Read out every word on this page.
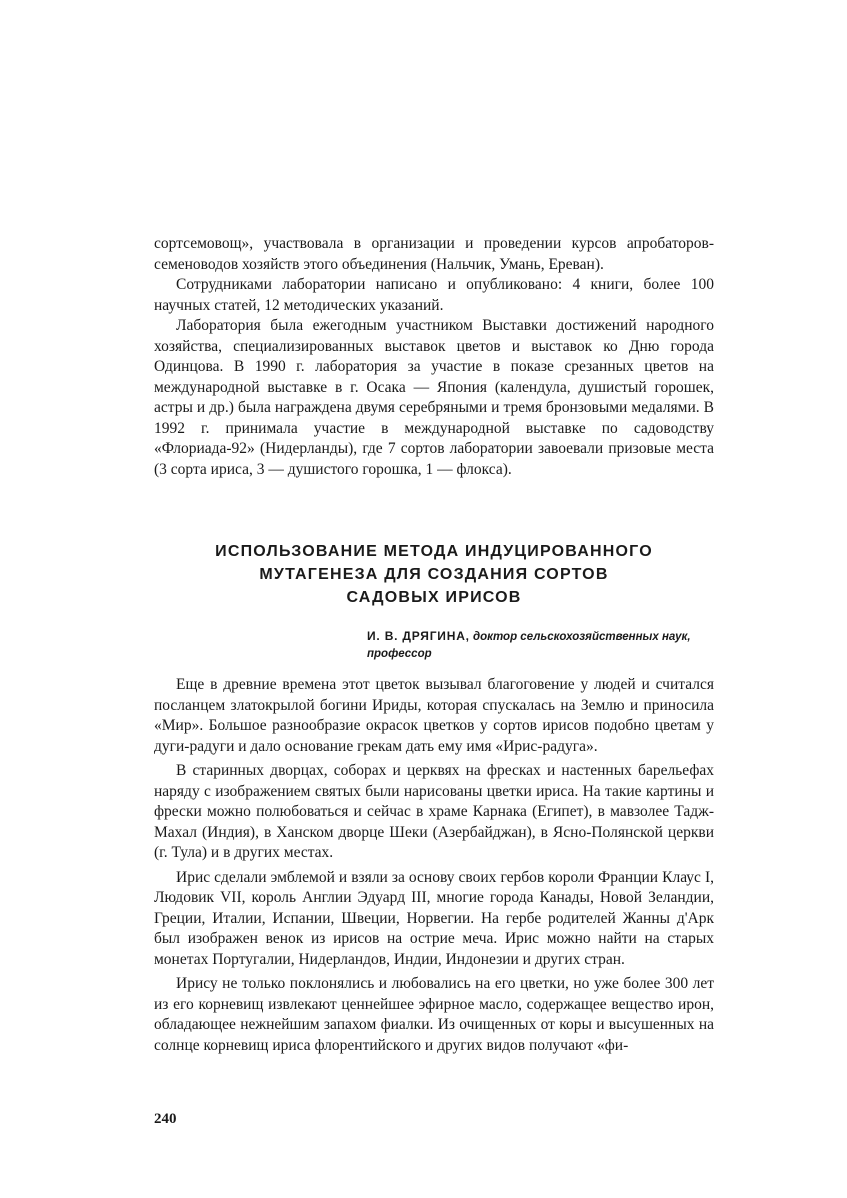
сортсемовощ», участвовала в организации и проведении курсов апробаторов-семеноводов хозяйств этого объединения (Нальчик, Умань, Ереван).

Сотрудниками лаборатории написано и опубликовано: 4 книги, более 100 научных статей, 12 методических указаний.

Лаборатория была ежегодным участником Выставки достижений народного хозяйства, специализированных выставок цветов и выставок ко Дню города Одинцова. В 1990 г. лаборатория за участие в показе срезанных цветов на международной выставке в г. Осака — Япония (календула, душистый горошек, астры и др.) была награждена двумя серебряными и тремя бронзовыми медалями. В 1992 г. принимала участие в международной выставке по садоводству «Флориада-92» (Нидерланды), где 7 сортов лаборатории завоевали призовые места (3 сорта ириса, 3 — душистого горошка, 1 — флокса).

ИСПОЛЬЗОВАНИЕ МЕТОДА ИНДУЦИРОВАННОГО
МУТАГЕНЕЗА ДЛЯ СОЗДАНИЯ СОРТОВ
САДОВЫХ ИРИСОВ
И. В. ДРЯГИНА, доктор сельскохозяйственных наук, профессор

Еще в древние времена этот цветок вызывал благоговение у людей и считался посланцем златокрылой богини Ириды, которая спускалась на Землю и приносила «Мир». Большое разнообразие окрасок цветков у сортов ирисов подобно цветам у дуги-радуги и дало основание грекам дать ему имя «Ирис-радуга».

В старинных дворцах, соборах и церквях на фресках и настенных барельефах наряду с изображением святых были нарисованы цветки ириса. На такие картины и фрески можно полюбоваться и сейчас в храме Карнака (Египет), в мавзолее Тадж-Махал (Индия), в Ханском дворце Шеки (Азербайджан), в Ясно-Полянской церкви (г. Тула) и в других местах.

Ирис сделали эмблемой и взяли за основу своих гербов короли Франции Клаус I, Людовик VII, король Англии Эдуард III, многие города Канады, Новой Зеландии, Греции, Италии, Испании, Швеции, Норвегии. На гербе родителей Жанны д'Арк был изображен венок из ирисов на острие меча. Ирис можно найти на старых монетах Португалии, Нидерландов, Индии, Индонезии и других стран.

Ирису не только поклонялись и любовались на его цветки, но уже более 300 лет из его корневищ извлекают ценнейшее эфирное масло, содержащее вещество ирон, обладающее нежнейшим запахом фиалки. Из очищенных от коры и высушенных на солнце корневищ ириса флорентийского и других видов получают «фи-

240
